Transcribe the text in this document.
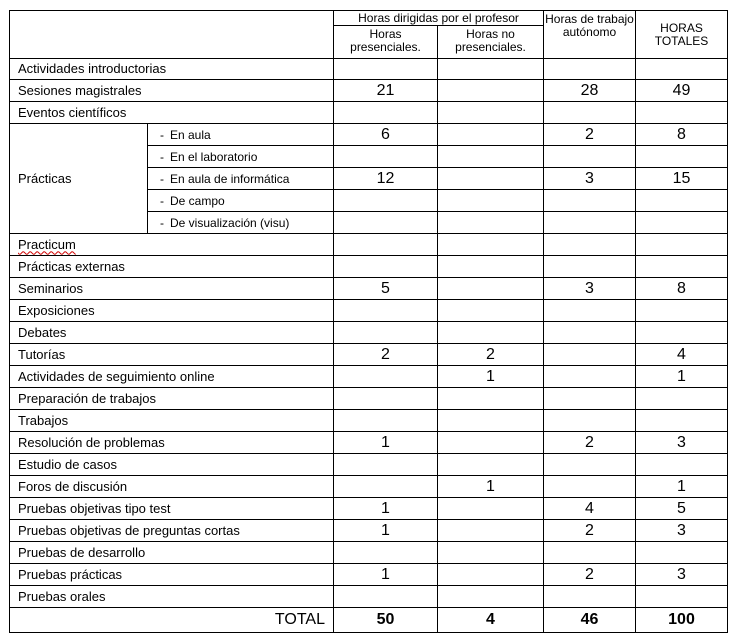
		Horas dirigidas por el profesor		Horas de trabajo autónomo	HORAS TOTALES

		Horas presenciales.	Horas no presenciales.		

Actividades introductorias					
Sesiones magistrales		21		28	49
Eventos científicos					
Prácticas	- En aula	6		2	8
	- En el laboratorio				
	- En aula de informática	12		3	15
	- De campo				
	- De visualización (visu)				
Practicum					
Prácticas externas					
Seminarios		5		3	8
Exposiciones					
Debates					
Tutorías		2	2		4
Actividades de seguimiento online			1		1
Preparación de trabajos					
Trabajos					
Resolución de problemas		1		2	3
Estudio de casos					
Foros de discusión			1		1
Pruebas objetivas tipo test		1		4	5
Pruebas objetivas de preguntas cortas		1		2	3
Pruebas de desarrollo					
Pruebas prácticas		1		2	3
Pruebas orales					
TOTAL		50	4	46	100
